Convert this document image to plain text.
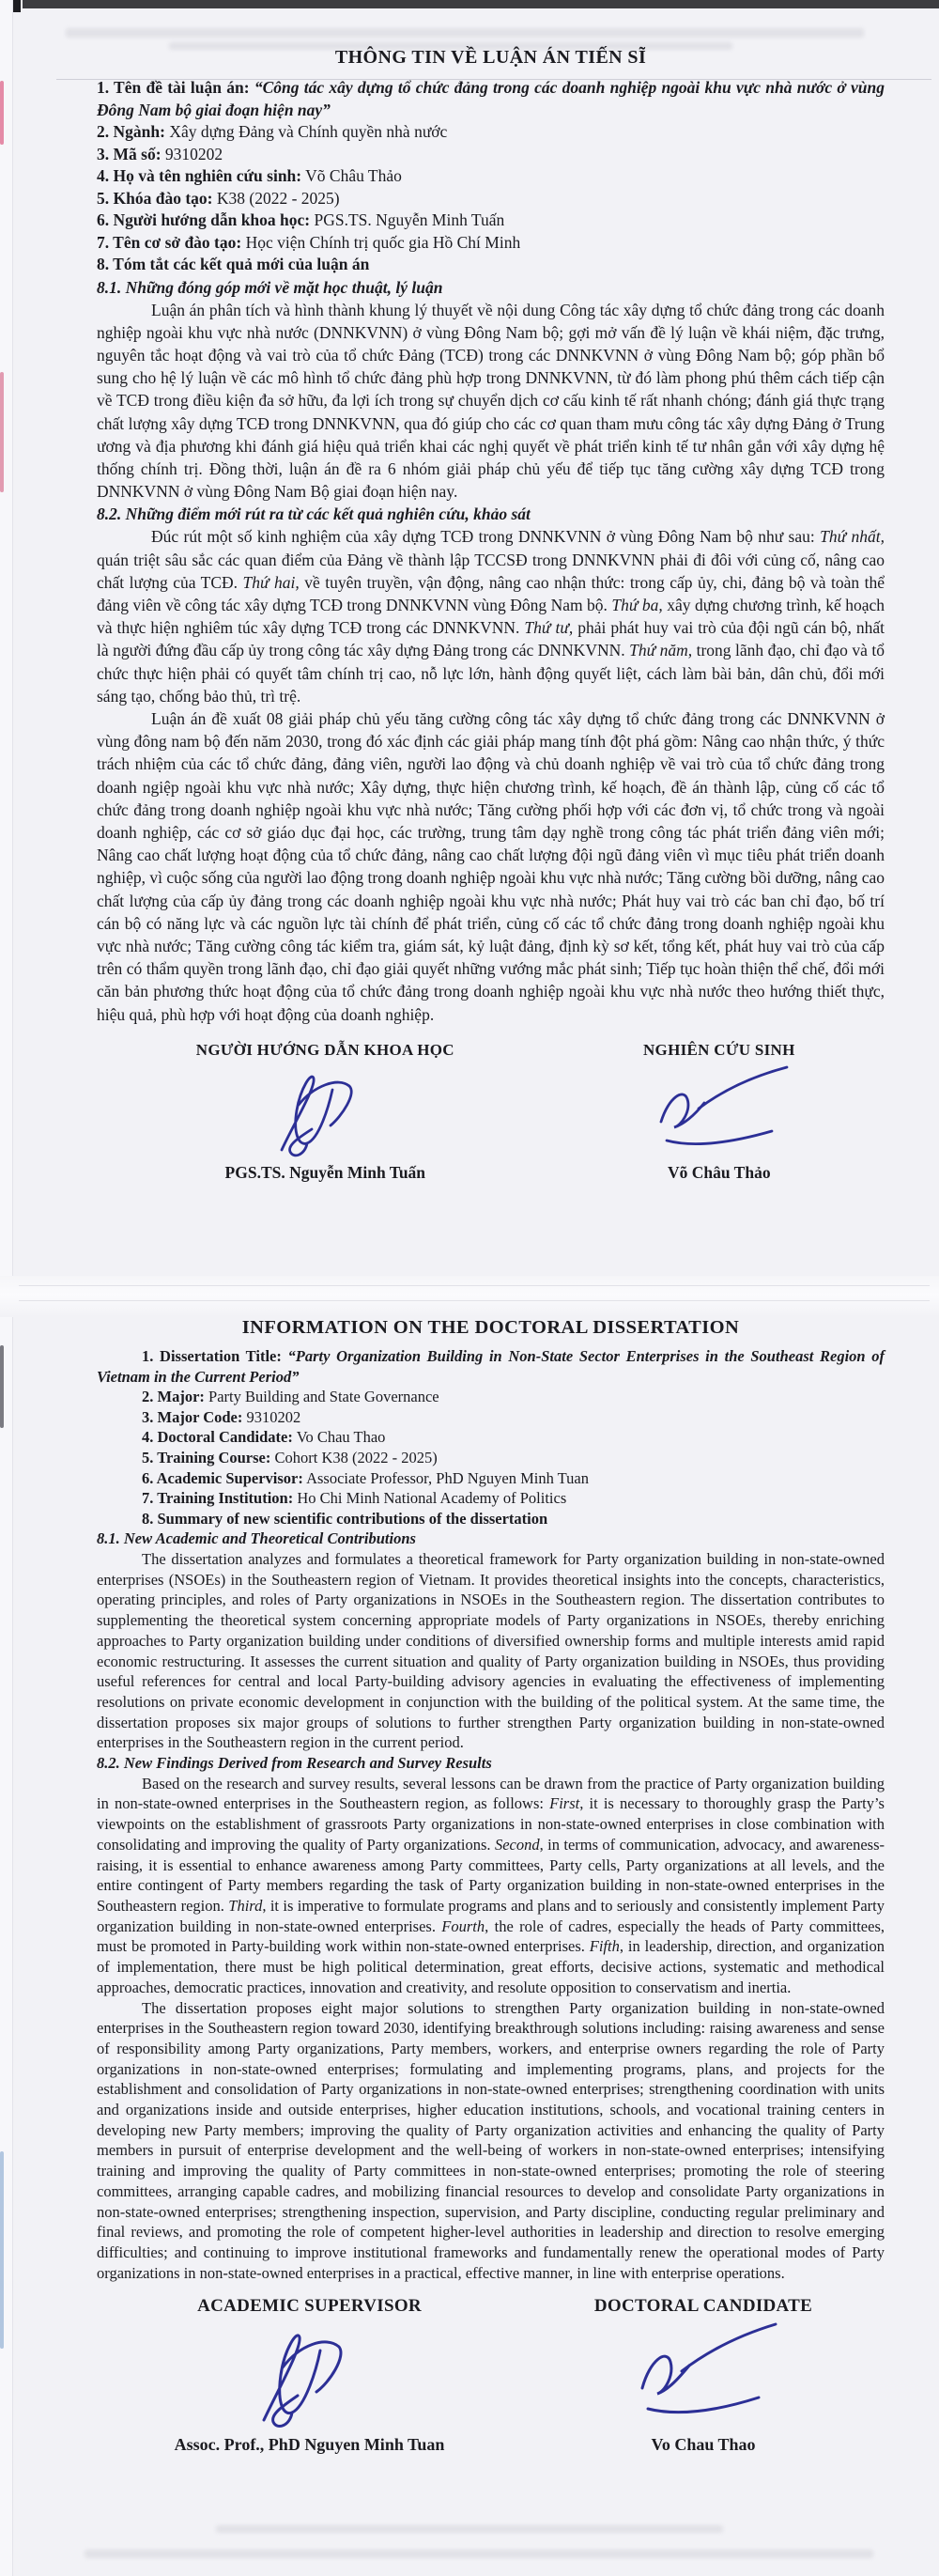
THÔNG TIN VỀ LUẬN ÁN TIẾN SĨ

1. Tên đề tài luận án: “Công tác xây dựng tổ chức đảng trong các doanh nghiệp ngoài khu vực nhà nước ở vùng Đông Nam bộ giai đoạn hiện nay”

2. Ngành: Xây dựng Đảng và Chính quyền nhà nước

3. Mã số: 9310202

4. Họ và tên nghiên cứu sinh: Võ Châu Thảo

5. Khóa đào tạo: K38 (2022 - 2025)

6. Người hướng dẫn khoa học: PGS.TS. Nguyễn Minh Tuấn

7. Tên cơ sở đào tạo: Học viện Chính trị quốc gia Hồ Chí Minh

8. Tóm tắt các kết quả mới của luận án

8.1. Những đóng góp mới về mặt học thuật, lý luận

Luận án phân tích và hình thành khung lý thuyết về nội dung Công tác xây dựng tổ chức đảng trong các doanh nghiệp ngoài khu vực nhà nước (DNNKVNN) ở vùng Đông Nam bộ; gợi mở vấn đề lý luận về khái niệm, đặc trưng, nguyên tắc hoạt động và vai trò của tổ chức Đảng (TCĐ) trong các DNNKVNN ở vùng Đông Nam bộ; góp phần bổ sung cho hệ lý luận về các mô hình tổ chức đảng phù hợp trong DNNKVNN, từ đó làm phong phú thêm cách tiếp cận về TCĐ trong điều kiện đa sở hữu, đa lợi ích trong sự chuyển dịch cơ cấu kinh tế rất nhanh chóng; đánh giá thực trạng chất lượng xây dựng TCĐ trong DNNKVNN, qua đó giúp cho các cơ quan tham mưu công tác xây dựng Đảng ở Trung ương và địa phương khi đánh giá hiệu quả triển khai các nghị quyết về phát triển kinh tế tư nhân gắn với xây dựng hệ thống chính trị. Đồng thời, luận án đề ra 6 nhóm giải pháp chủ yếu để tiếp tục tăng cường xây dựng TCĐ trong DNNKVNN ở vùng Đông Nam Bộ giai đoạn hiện nay.

8.2. Những điểm mới rút ra từ các kết quả nghiên cứu, khảo sát

Đúc rút một số kinh nghiệm của xây dựng TCĐ trong DNNKVNN ở vùng Đông Nam bộ như sau: Thứ nhất, quán triệt sâu sắc các quan điểm của Đảng về thành lập TCCSĐ trong DNNKVNN phải đi đôi với củng cố, nâng cao chất lượng của TCĐ. Thứ hai, về tuyên truyền, vận động, nâng cao nhận thức: trong cấp ủy, chi, đảng bộ và toàn thể đảng viên về công tác xây dựng TCĐ trong DNNKVNN vùng Đông Nam bộ. Thứ ba, xây dựng chương trình, kế hoạch và thực hiện nghiêm túc xây dựng TCĐ trong các DNNKVNN. Thứ tư, phải phát huy vai trò của đội ngũ cán bộ, nhất là người đứng đầu cấp ủy trong công tác xây dựng Đảng trong các DNNKVNN. Thứ năm, trong lãnh đạo, chỉ đạo và tổ chức thực hiện phải có quyết tâm chính trị cao, nỗ lực lớn, hành động quyết liệt, cách làm bài bản, dân chủ, đổi mới sáng tạo, chống bảo thủ, trì trệ.

Luận án đề xuất 08 giải pháp chủ yếu tăng cường công tác xây dựng tổ chức đảng trong các DNNKVNN ở vùng đông nam bộ đến năm 2030, trong đó xác định các giải pháp mang tính đột phá gồm: Nâng cao nhận thức, ý thức trách nhiệm của các tổ chức đảng, đảng viên, người lao động và chủ doanh nghiệp về vai trò của tổ chức đảng trong doanh ngiệp ngoài khu vực nhà nước; Xây dựng, thực hiện chương trình, kế hoạch, đề án thành lập, củng cố các tổ chức đảng trong doanh nghiệp ngoài khu vực nhà nước; Tăng cường phối hợp với các đơn vị, tổ chức trong và ngoài doanh nghiệp, các cơ sở giáo dục đại học, các trường, trung tâm dạy nghề trong công tác phát triển đảng viên mới; Nâng cao chất lượng hoạt động của tổ chức đảng, nâng cao chất lượng đội ngũ đảng viên vì mục tiêu phát triển doanh nghiệp, vì cuộc sống của người lao động trong doanh nghiệp ngoài khu vực nhà nước; Tăng cường bồi dưỡng, nâng cao chất lượng của cấp ủy đảng trong các doanh nghiệp ngoài khu vực nhà nước; Phát huy vai trò các ban chỉ đạo, bố trí cán bộ có năng lực và các nguồn lực tài chính để phát triển, củng cố các tổ chức đảng trong doanh nghiệp ngoài khu vực nhà nước; Tăng cường công tác kiểm tra, giám sát, kỷ luật đảng, định kỳ sơ kết, tổng kết, phát huy vai trò của cấp trên có thẩm quyền trong lãnh đạo, chỉ đạo giải quyết những vướng mắc phát sinh; Tiếp tục hoàn thiện thể chế, đổi mới căn bản phương thức hoạt động của tổ chức đảng trong doanh nghiệp ngoài khu vực nhà nước theo hướng thiết thực, hiệu quả, phù hợp với hoạt động của doanh nghiệp.

NGƯỜI HƯỚNG DẪN KHOA HỌC
PGS.TS. Nguyễn Minh Tuấn
NGHIÊN CỨU SINH
Võ Châu Thảo
INFORMATION ON THE DOCTORAL DISSERTATION

1. Dissertation Title: “Party Organization Building in Non-State Sector Enterprises in the Southeast Region of Vietnam in the Current Period”

2. Major: Party Building and State Governance

3. Major Code: 9310202

4. Doctoral Candidate: Vo Chau Thao

5. Training Course: Cohort K38 (2022 - 2025)

6. Academic Supervisor: Associate Professor, PhD Nguyen Minh Tuan

7. Training Institution: Ho Chi Minh National Academy of Politics

8. Summary of new scientific contributions of the dissertation

8.1. New Academic and Theoretical Contributions

The dissertation analyzes and formulates a theoretical framework for Party organization building in non-state-owned enterprises (NSOEs) in the Southeastern region of Vietnam. It provides theoretical insights into the concepts, characteristics, operating principles, and roles of Party organizations in NSOEs in the Southeastern region. The dissertation contributes to supplementing the theoretical system concerning appropriate models of Party organizations in NSOEs, thereby enriching approaches to Party organization building under conditions of diversified ownership forms and multiple interests amid rapid economic restructuring. It assesses the current situation and quality of Party organization building in NSOEs, thus providing useful references for central and local Party-building advisory agencies in evaluating the effectiveness of implementing resolutions on private economic development in conjunction with the building of the political system. At the same time, the dissertation proposes six major groups of solutions to further strengthen Party organization building in non-state-owned enterprises in the Southeastern region in the current period.

8.2. New Findings Derived from Research and Survey Results

Based on the research and survey results, several lessons can be drawn from the practice of Party organization building in non-state-owned enterprises in the Southeastern region, as follows: First, it is necessary to thoroughly grasp the Party’s viewpoints on the establishment of grassroots Party organizations in non-state-owned enterprises in close combination with consolidating and improving the quality of Party organizations. Second, in terms of communication, advocacy, and awareness-raising, it is essential to enhance awareness among Party committees, Party cells, Party organizations at all levels, and the entire contingent of Party members regarding the task of Party organization building in non-state-owned enterprises in the Southeastern region. Third, it is imperative to formulate programs and plans and to seriously and consistently implement Party organization building in non-state-owned enterprises. Fourth, the role of cadres, especially the heads of Party committees, must be promoted in Party-building work within non-state-owned enterprises. Fifth, in leadership, direction, and organization of implementation, there must be high political determination, great efforts, decisive actions, systematic and methodical approaches, democratic practices, innovation and creativity, and resolute opposition to conservatism and inertia.

The dissertation proposes eight major solutions to strengthen Party organization building in non-state-owned enterprises in the Southeastern region toward 2030, identifying breakthrough solutions including: raising awareness and sense of responsibility among Party organizations, Party members, workers, and enterprise owners regarding the role of Party organizations in non-state-owned enterprises; formulating and implementing programs, plans, and projects for the establishment and consolidation of Party organizations in non-state-owned enterprises; strengthening coordination with units and organizations inside and outside enterprises, higher education institutions, schools, and vocational training centers in developing new Party members; improving the quality of Party organization activities and enhancing the quality of Party members in pursuit of enterprise development and the well-being of workers in non-state-owned enterprises; intensifying training and improving the quality of Party committees in non-state-owned enterprises; promoting the role of steering committees, arranging capable cadres, and mobilizing financial resources to develop and consolidate Party organizations in non-state-owned enterprises; strengthening inspection, supervision, and Party discipline, conducting regular preliminary and final reviews, and promoting the role of competent higher-level authorities in leadership and direction to resolve emerging difficulties; and continuing to improve institutional frameworks and fundamentally renew the operational modes of Party organizations in non-state-owned enterprises in a practical, effective manner, in line with enterprise operations.

ACADEMIC SUPERVISOR
Assoc. Prof., PhD Nguyen Minh Tuan
DOCTORAL CANDIDATE
Vo Chau Thao
